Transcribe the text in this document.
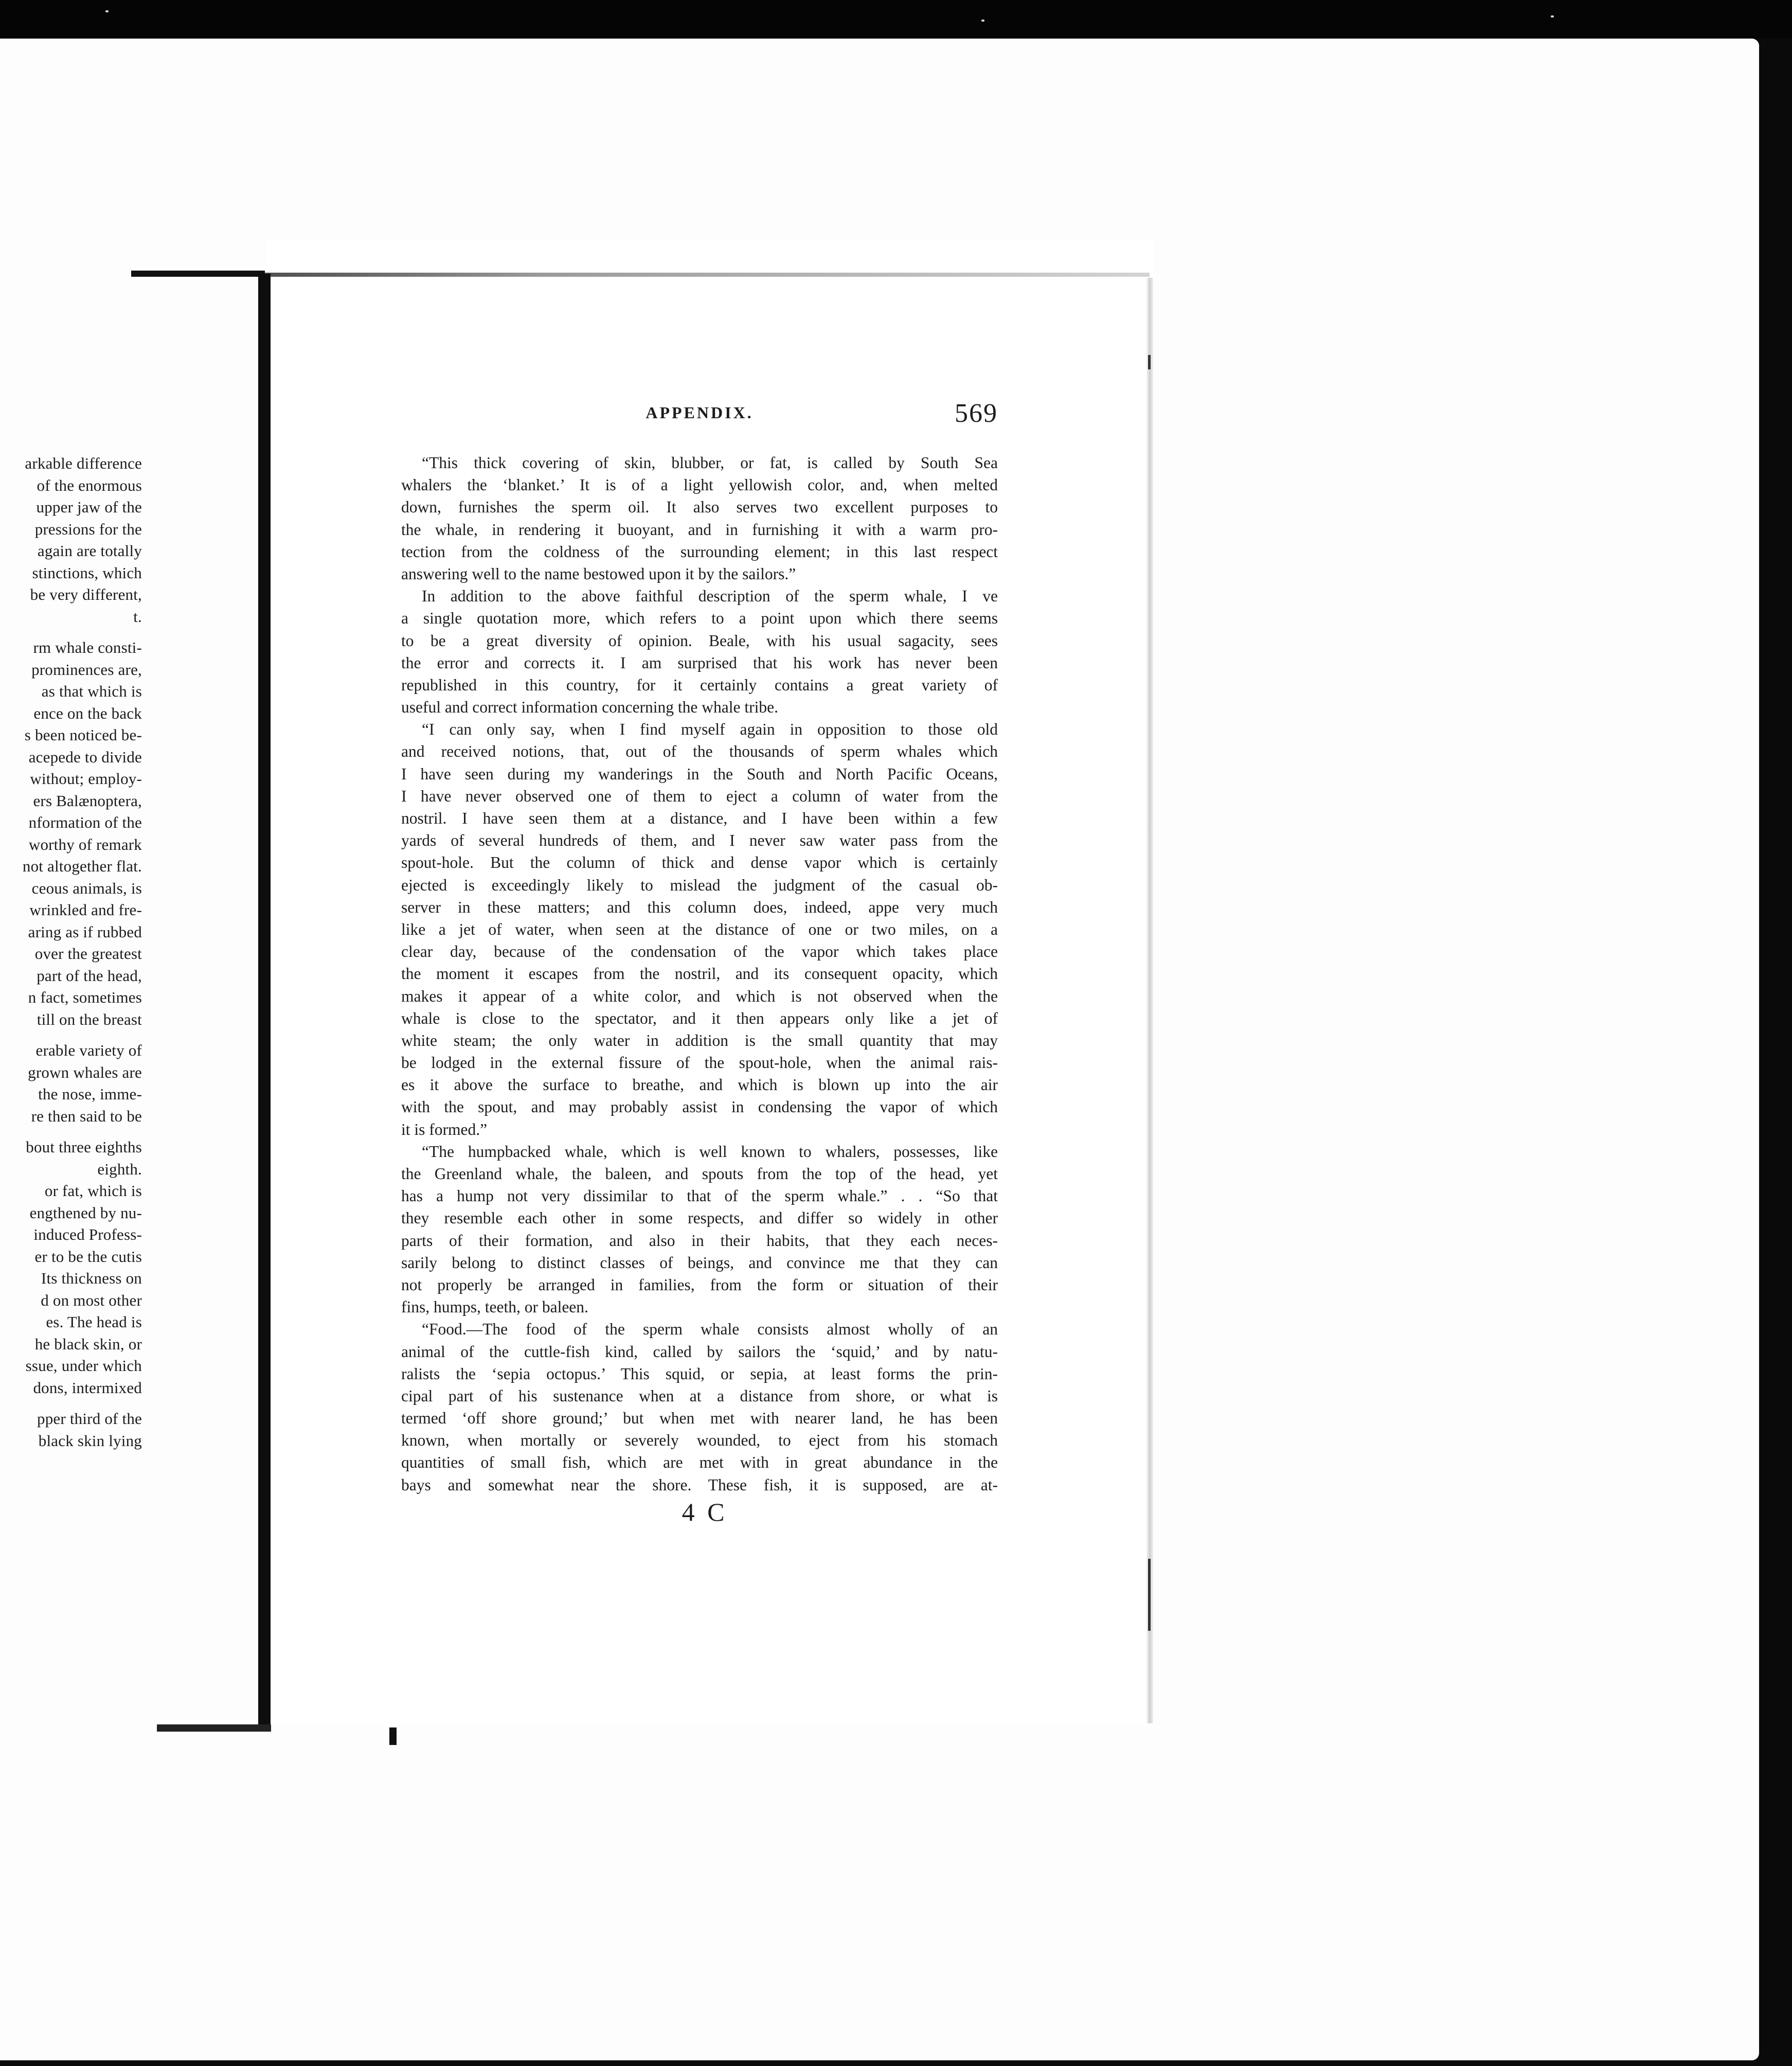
arkable difference
of the enormous
upper jaw of the
pressions for the
again are totally
stinctions, which
be very different,
t.
rm whale consti-
prominences are,
as that which is
ence on the back
s been noticed be-
acepede to divide
without; employ-
ers Balænoptera,
nformation of the
worthy of remark
not altogether flat.
ceous animals, is
wrinkled and fre-
aring as if rubbed
over the greatest
part of the head,
n fact, sometimes
till on the breast
erable variety of
grown whales are
the nose, imme-
re then said to be
bout three eighths
eighth.
or fat, which is
engthened by nu-
induced Profess-
er to be the cutis
Its thickness on
d on most other
es. The head is
he black skin, or
ssue, under which
dons, intermixed
pper third of the
black skin lying
APPENDIX.	569
“This thick covering of skin, blubber, or fat, is called by South Sea
whalers the ‘blanket.’ It is of a light yellowish color, and, when melted
down, furnishes the sperm oil. It also serves two excellent purposes to
the whale, in rendering it buoyant, and in furnishing it with a warm pro-
tection from the coldness of the surrounding element; in this last respect
answering well to the name bestowed upon it by the sailors.”
In addition to the above faithful description of the sperm whale, I ve
a single quotation more, which refers to a point upon which there seems
to be a great diversity of opinion. Beale, with his usual sagacity, sees
the error and corrects it. I am surprised that his work has never been
republished in this country, for it certainly contains a great variety of
useful and correct information concerning the whale tribe.
“I can only say, when I find myself again in opposition to those old
and received notions, that, out of the thousands of sperm whales which
I have seen during my wanderings in the South and North Pacific Oceans,
I have never observed one of them to eject a column of water from the
nostril. I have seen them at a distance, and I have been within a few
yards of several hundreds of them, and I never saw water pass from the
spout-hole. But the column of thick and dense vapor which is certainly
ejected is exceedingly likely to mislead the judgment of the casual ob-
server in these matters; and this column does, indeed, appe very much
like a jet of water, when seen at the distance of one or two miles, on a
clear day, because of the condensation of the vapor which takes place
the moment it escapes from the nostril, and its consequent opacity, which
makes it appear of a white color, and which is not observed when the
whale is close to the spectator, and it then appears only like a jet of
white steam; the only water in addition is the small quantity that may
be lodged in the external fissure of the spout-hole, when the animal rais-
es it above the surface to breathe, and which is blown up into the air
with the spout, and may probably assist in condensing the vapor of which
it is formed.”
“The humpbacked whale, which is well known to whalers, possesses, like
the Greenland whale, the baleen, and spouts from the top of the head, yet
has a hump not very dissimilar to that of the sperm whale.” . . “So that
they resemble each other in some respects, and differ so widely in other
parts of their formation, and also in their habits, that they each neces-
sarily belong to distinct classes of beings, and convince me that they can
not properly be arranged in families, from the form or situation of their
fins, humps, teeth, or baleen.
“Food.—The food of the sperm whale consists almost wholly of an
animal of the cuttle-fish kind, called by sailors the ‘squid,’ and by natu-
ralists the ‘sepia octopus.’ This squid, or sepia, at least forms the prin-
cipal part of his sustenance when at a distance from shore, or what is
termed ‘off shore ground;’ but when met with nearer land, he has been
known, when mortally or severely wounded, to eject from his stomach
quantities of small fish, which are met with in great abundance in the
bays and somewhat near the shore. These fish, it is supposed, are at-
4 C
